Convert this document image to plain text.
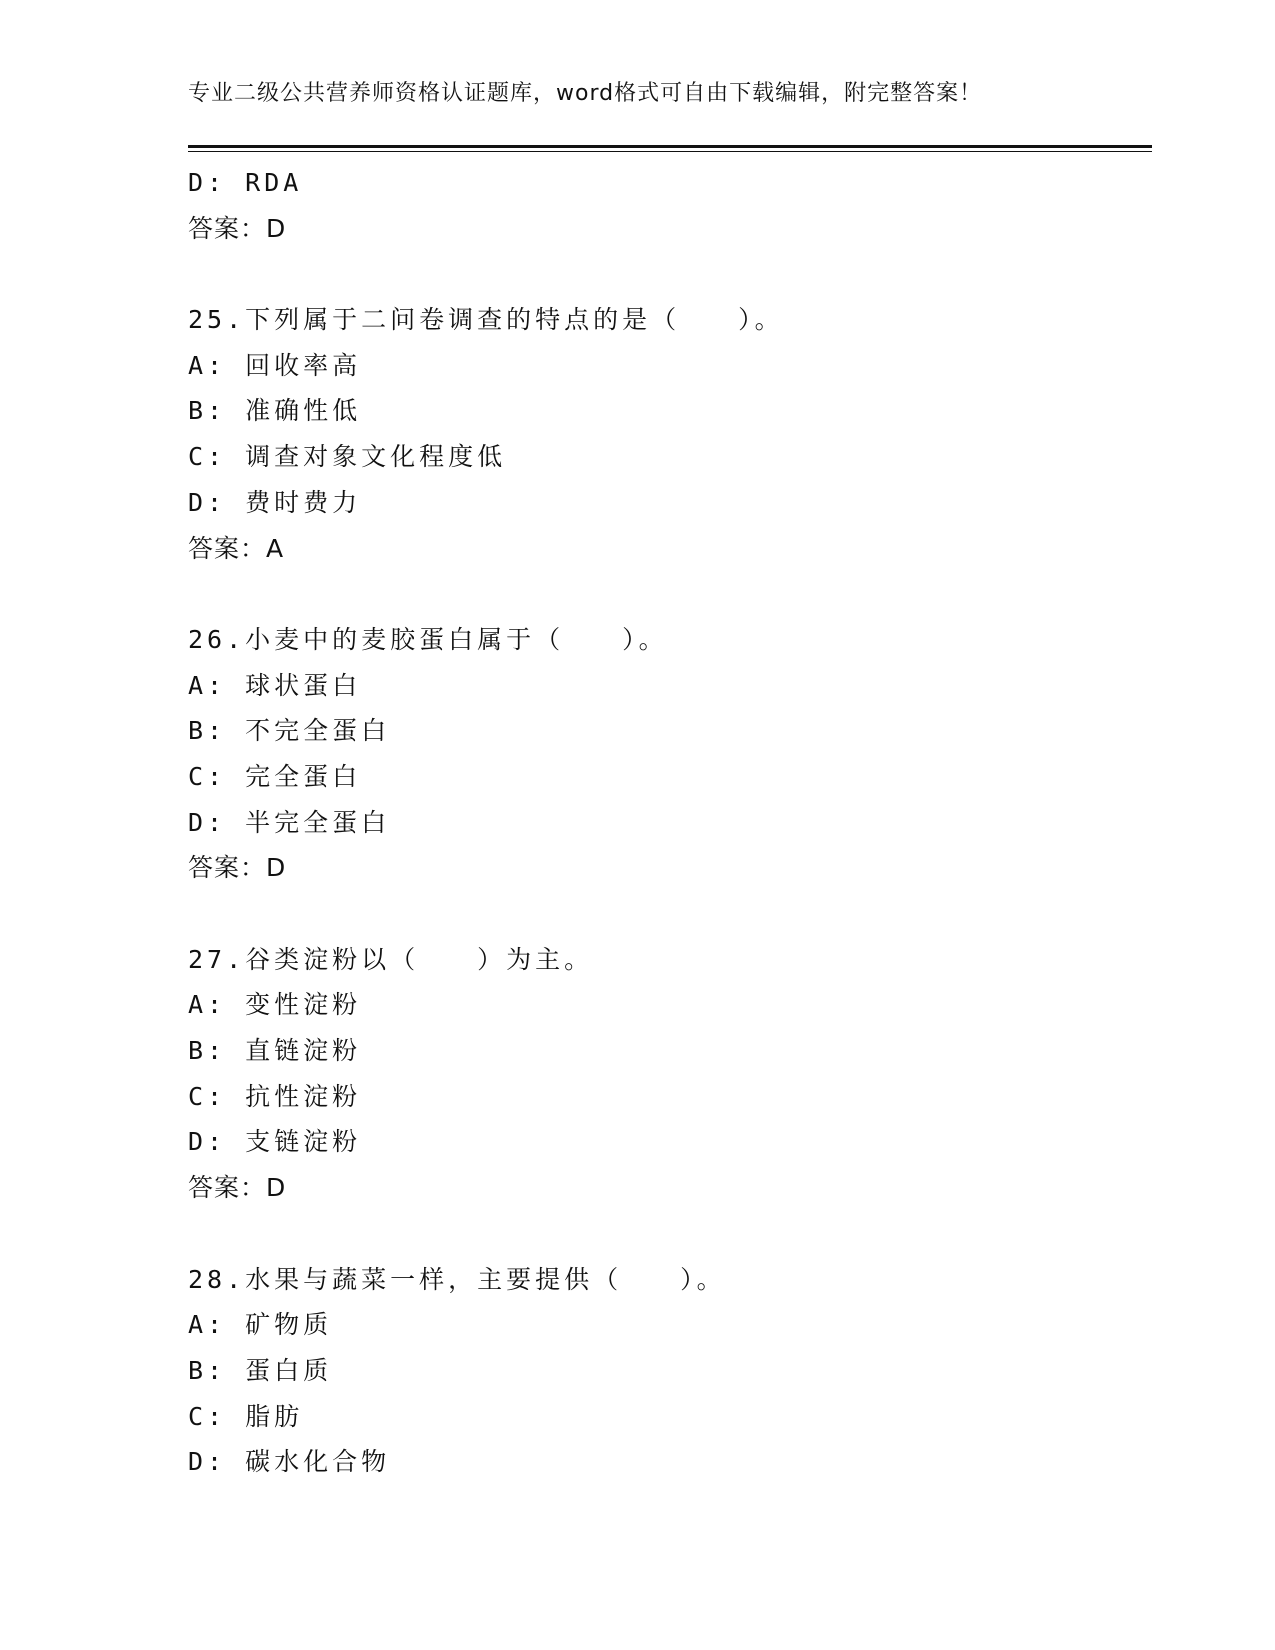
专业二级公共营养师资格认证题库，word格式可自由下载编辑，附完整答案！
D: RDA
答案：D
25.下列属于二问卷调查的特点的是（　　）。
A: 回收率高
B: 准确性低
C: 调查对象文化程度低
D: 费时费力
答案：A
26.小麦中的麦胶蛋白属于（　　）。
A: 球状蛋白
B: 不完全蛋白
C: 完全蛋白
D: 半完全蛋白
答案：D
27.谷类淀粉以（　　）为主。
A: 变性淀粉
B: 直链淀粉
C: 抗性淀粉
D: 支链淀粉
答案：D
28.水果与蔬菜一样，主要提供（　　）。
A: 矿物质
B: 蛋白质
C: 脂肪
D: 碳水化合物
